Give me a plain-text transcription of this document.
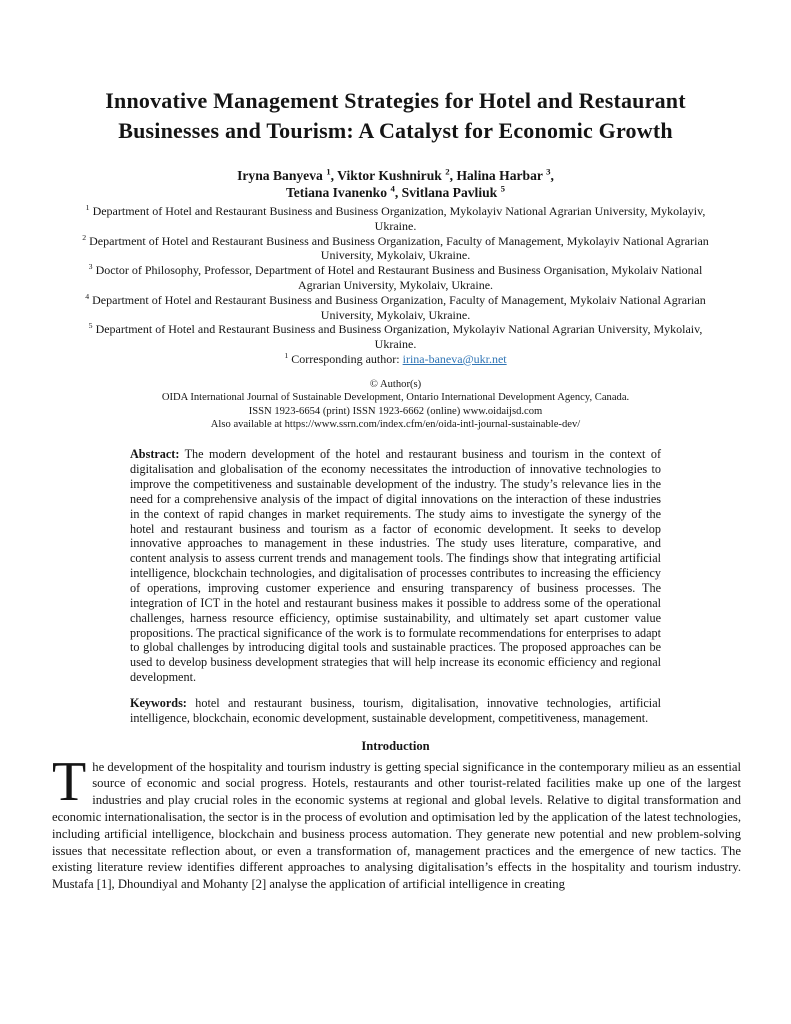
Innovative Management Strategies for Hotel and Restaurant Businesses and Tourism: A Catalyst for Economic Growth
Iryna Banyeva $^1$, Viktor Kushniruk $^2$, Halina Harbar $^3$,
Tetiana Ivanenko $^4$, Svitlana Pavliuk $^5$
$^1$ Department of Hotel and Restaurant Business and Business Organization, Mykolayiv National Agrarian University, Mykolayiv, Ukraine.
$^2$ Department of Hotel and Restaurant Business and Business Organization, Faculty of Management, Mykolayiv National Agrarian University, Mykolaiv, Ukraine.
$^3$ Doctor of Philosophy, Professor, Department of Hotel and Restaurant Business and Business Organisation, Mykolaiv National Agrarian University, Mykolaiv, Ukraine.
$^4$ Department of Hotel and Restaurant Business and Business Organization, Faculty of Management, Mykolaiv National Agrarian University, Mykolaiv, Ukraine.
$^5$ Department of Hotel and Restaurant Business and Business Organization, Mykolayiv National Agrarian University, Mykolaiv, Ukraine.
$^1$ Corresponding author: irina-baneva@ukr.net
© Author(s)
OIDA International Journal of Sustainable Development, Ontario International Development Agency, Canada.
ISSN 1923-6654 (print) ISSN 1923-6662 (online) www.oidaijsd.com
Also available at https://www.ssrn.com/index.cfm/en/oida-intl-journal-sustainable-dev/

Abstract: The modern development of the hotel and restaurant business and tourism in the context of digitalisation and globalisation of the economy necessitates the introduction of innovative technologies to improve the competitiveness and sustainable development of the industry. The study’s relevance lies in the need for a comprehensive analysis of the impact of digital innovations on the interaction of these industries in the context of rapid changes in market requirements. The study aims to investigate the synergy of the hotel and restaurant business and tourism as a factor of economic development. It seeks to develop innovative approaches to management in these industries. The study uses literature, comparative, and content analysis to assess current trends and management tools. The findings show that integrating artificial intelligence, blockchain technologies, and digitalisation of processes contributes to increasing the efficiency of operations, improving customer experience and ensuring transparency of business processes. The integration of ICT in the hotel and restaurant business makes it possible to address some of the operational challenges, harness resource efficiency, optimise sustainability, and ultimately set apart customer value propositions. The practical significance of the work is to formulate recommendations for enterprises to adapt to global challenges by introducing digital tools and sustainable practices. The proposed approaches can be used to develop business development strategies that will help increase its economic efficiency and regional development.

Keywords: hotel and restaurant business, tourism, digitalisation, innovative technologies, artificial intelligence, blockchain, economic development, sustainable development, competitiveness, management.

Introduction

The development of the hospitality and tourism industry is getting special significance in the contemporary milieu as an essential source of economic and social progress. Hotels, restaurants and other tourist-related facilities make up one of the largest industries and play crucial roles in the economic systems at regional and global levels. Relative to digital transformation and economic internationalisation, the sector is in the process of evolution and optimisation led by the application of the latest technologies, including artificial intelligence, blockchain and business process automation. They generate new potential and new problem-solving issues that necessitate reflection about, or even a transformation of, management practices and the emergence of new tactics. The existing literature review identifies different approaches to analysing digitalisation’s effects in the hospitality and tourism industry. Mustafa [1], Dhoundiyal and Mohanty [2] analyse the application of artificial intelligence in creating
